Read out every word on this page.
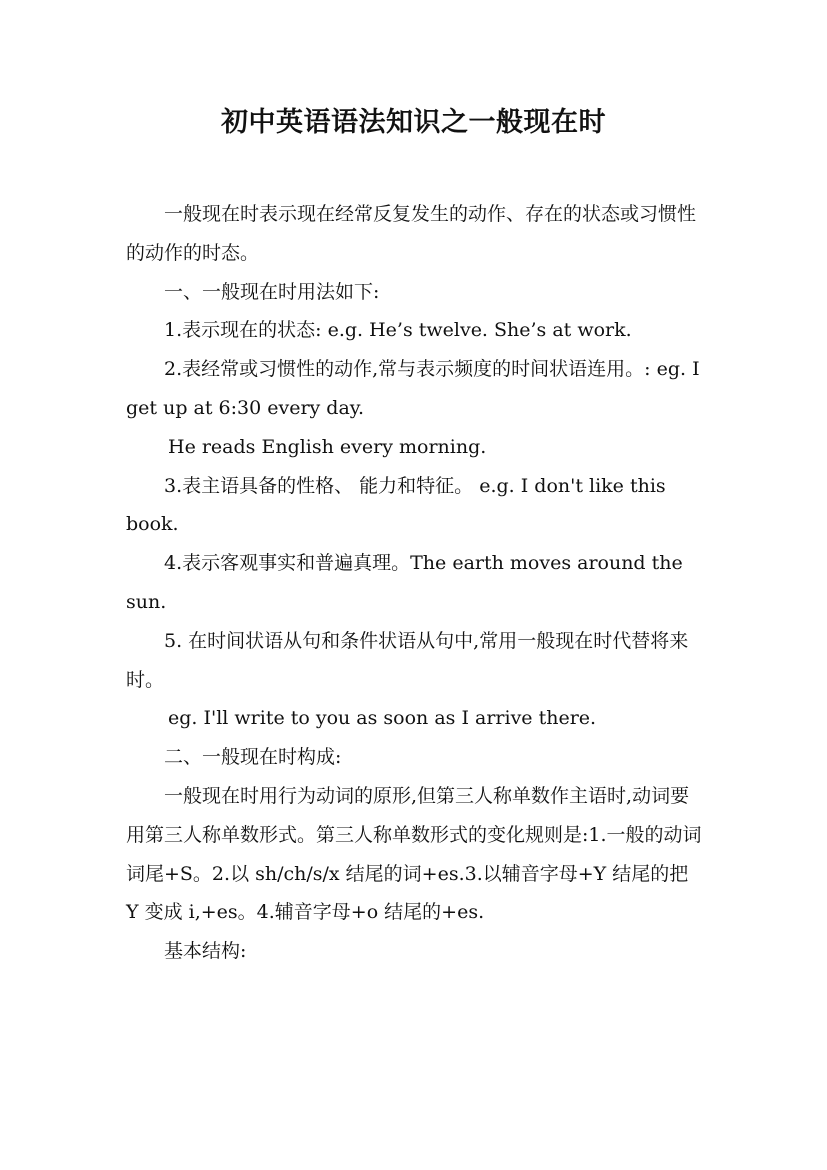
初中英语语法知识之一般现在时

一般现在时表示现在经常反复发生的动作、存在的状态或习惯性的动作的时态。

一、一般现在时用法如下:

1.表示现在的状态: e.g. He’s twelve. She’s at work.

2.表经常或习惯性的动作,常与表示频度的时间状语连用。: eg. I get up at 6:30 every day.

He reads English every morning.

3.表主语具备的性格、 能力和特征。 e.g. I don't like this book.

4.表示客观事实和普遍真理。The earth moves around the sun.

5. 在时间状语从句和条件状语从句中,常用一般现在时代替将来时。

eg. I'll write to you as soon as I arrive there.

二、一般现在时构成:

一般现在时用行为动词的原形,但第三人称单数作主语时,动词要用第三人称单数形式。第三人称单数形式的变化规则是:1.一般的动词词尾+S。2.以 sh/ch/s/x 结尾的词+es.3.以辅音字母+Y 结尾的把 Y 变成 i,+es。4.辅音字母+o 结尾的+es.

基本结构:
